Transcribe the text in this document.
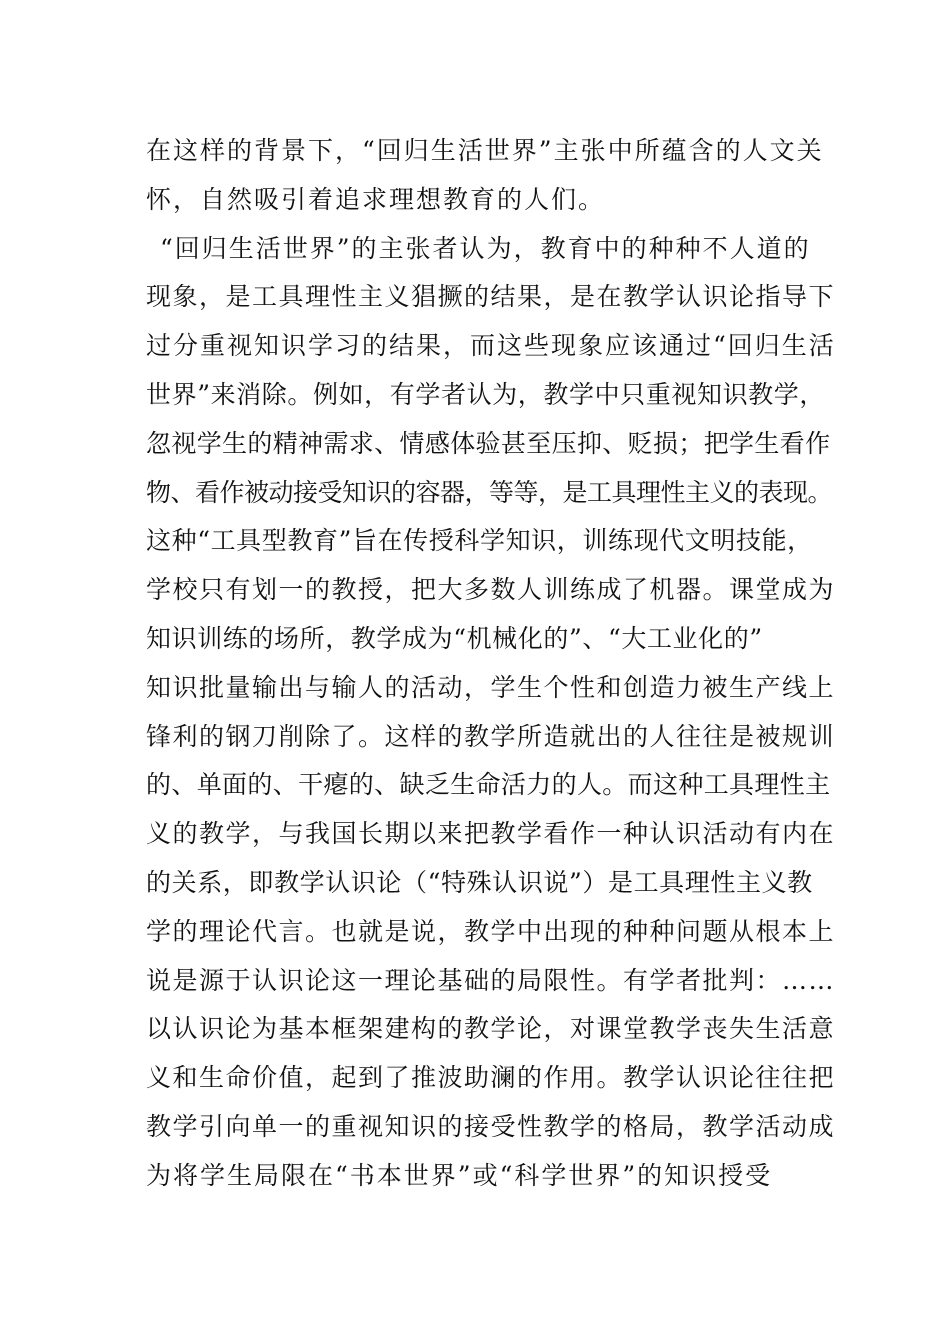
在这样的背景下，“回归生活世界”主张中所蕴含的人文关
怀，自然吸引着追求理想教育的人们。
“回归生活世界”的主张者认为，教育中的种种不人道的
现象，是工具理性主义猖撅的结果，是在教学认识论指导下
过分重视知识学习的结果，而这些现象应该通过“回归生活
世界”来消除。例如，有学者认为，教学中只重视知识教学，
忽视学生的精神需求、情感体验甚至压抑、贬损；把学生看作
物、看作被动接受知识的容器，等等，是工具理性主义的表现。
这种“工具型教育”旨在传授科学知识，训练现代文明技能，
学校只有划一的教授，把大多数人训练成了机器。课堂成为
知识训练的场所，教学成为“机械化的”、“大工业化的”
知识批量输出与输人的活动，学生个性和创造力被生产线上
锋利的钢刀削除了。这样的教学所造就出的人往往是被规训
的、单面的、干瘪的、缺乏生命活力的人。而这种工具理性主
义的教学，与我国长期以来把教学看作一种认识活动有内在
的关系，即教学认识论（“特殊认识说”）是工具理性主义教
学的理论代言。也就是说，教学中出现的种种问题从根本上
说是源于认识论这一理论基础的局限性。有学者批判：……
以认识论为基本框架建构的教学论，对课堂教学丧失生活意
义和生命价值，起到了推波助澜的作用。教学认识论往往把
教学引向单一的重视知识的接受性教学的格局，教学活动成
为将学生局限在“书本世界”或“科学世界”的知识授受
